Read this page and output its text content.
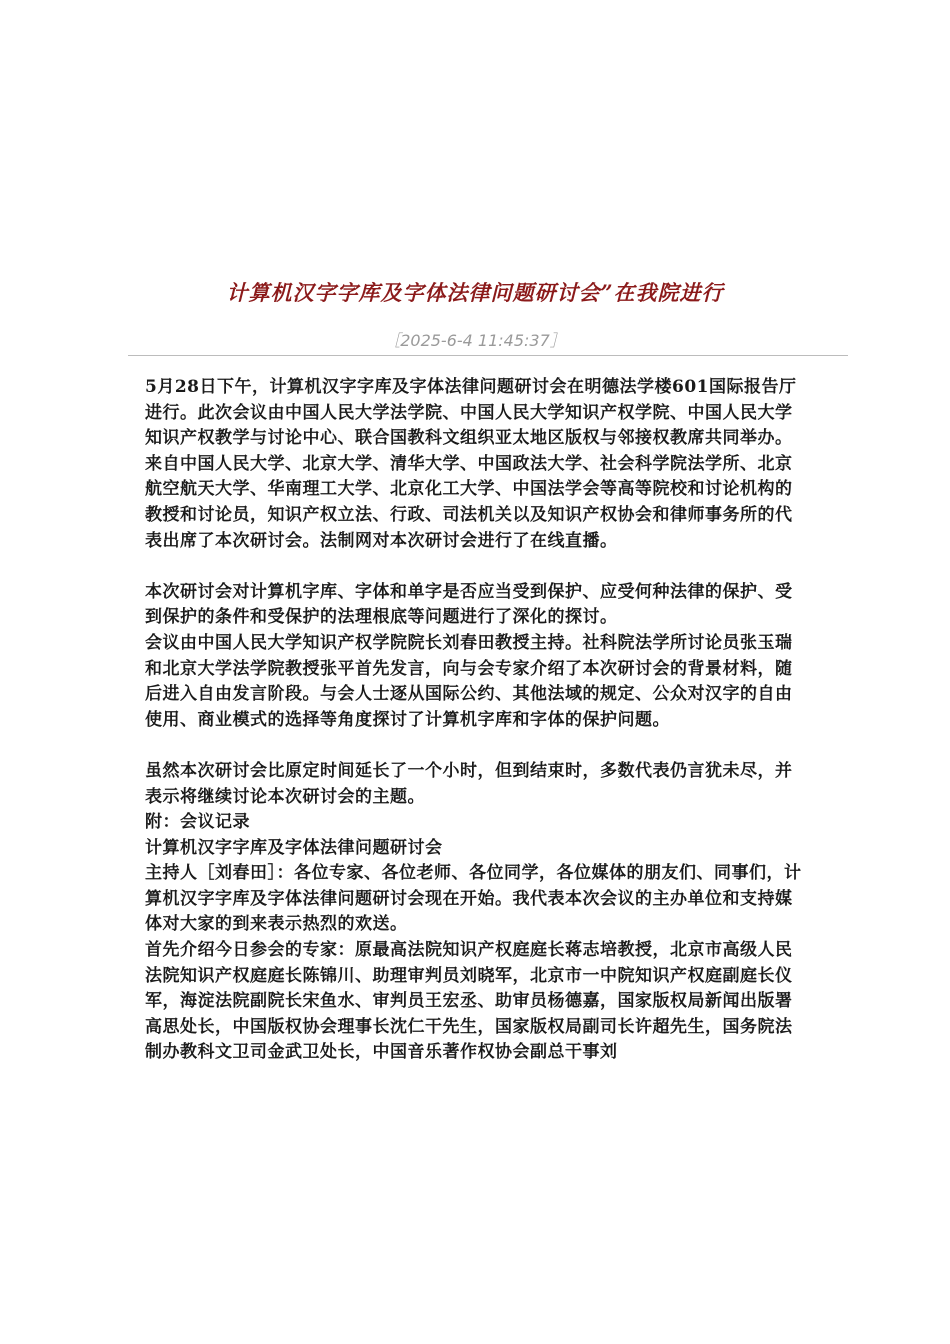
计算机汉字字库及字体法律问题研讨会”在我院进行
［2025-6-4 11:45:37］

5月28日下午，计算机汉字字库及字体法律问题研讨会在明德法学楼601国际报告厅进行。此次会议由中国人民大学法学院、中国人民大学知识产权学院、中国人民大学知识产权教学与讨论中心、联合国教科文组织亚太地区版权与邻接权教席共同举办。来自中国人民大学、北京大学、清华大学、中国政法大学、社会科学院法学所、北京航空航天大学、华南理工大学、北京化工大学、中国法学会等高等院校和讨论机构的教授和讨论员，知识产权立法、行政、司法机关以及知识产权协会和律师事务所的代表出席了本次研讨会。法制网对本次研讨会进行了在线直播。

本次研讨会对计算机字库、字体和单字是否应当受到保护、应受何种法律的保护、受到保护的条件和受保护的法理根底等问题进行了深化的探讨。

会议由中国人民大学知识产权学院院长刘春田教授主持。社科院法学所讨论员张玉瑞和北京大学法学院教授张平首先发言，向与会专家介绍了本次研讨会的背景材料，随后进入自由发言阶段。与会人士逐从国际公约、其他法域的规定、公众对汉字的自由使用、商业模式的选择等角度探讨了计算机字库和字体的保护问题。

虽然本次研讨会比原定时间延长了一个小时，但到结束时，多数代表仍言犹未尽，并表示将继续讨论本次研讨会的主题。

附：会议记录

计算机汉字字库及字体法律问题研讨会

主持人［刘春田］：各位专家、各位老师、各位同学，各位媒体的朋友们、同事们，计算机汉字字库及字体法律问题研讨会现在开始。我代表本次会议的主办单位和支持媒体对大家的到来表示热烈的欢送。

首先介绍今日参会的专家：原最高法院知识产权庭庭长蒋志培教授，北京市高级人民法院知识产权庭庭长陈锦川、助理审判员刘晓军，北京市一中院知识产权庭副庭长仪军，海淀法院副院长宋鱼水、审判员王宏丞、助审员杨德嘉，国家版权局新闻出版署高思处长，中国版权协会理事长沈仁干先生，国家版权局副司长许超先生，国务院法制办教科文卫司金武卫处长，中国音乐著作权协会副总干事刘
